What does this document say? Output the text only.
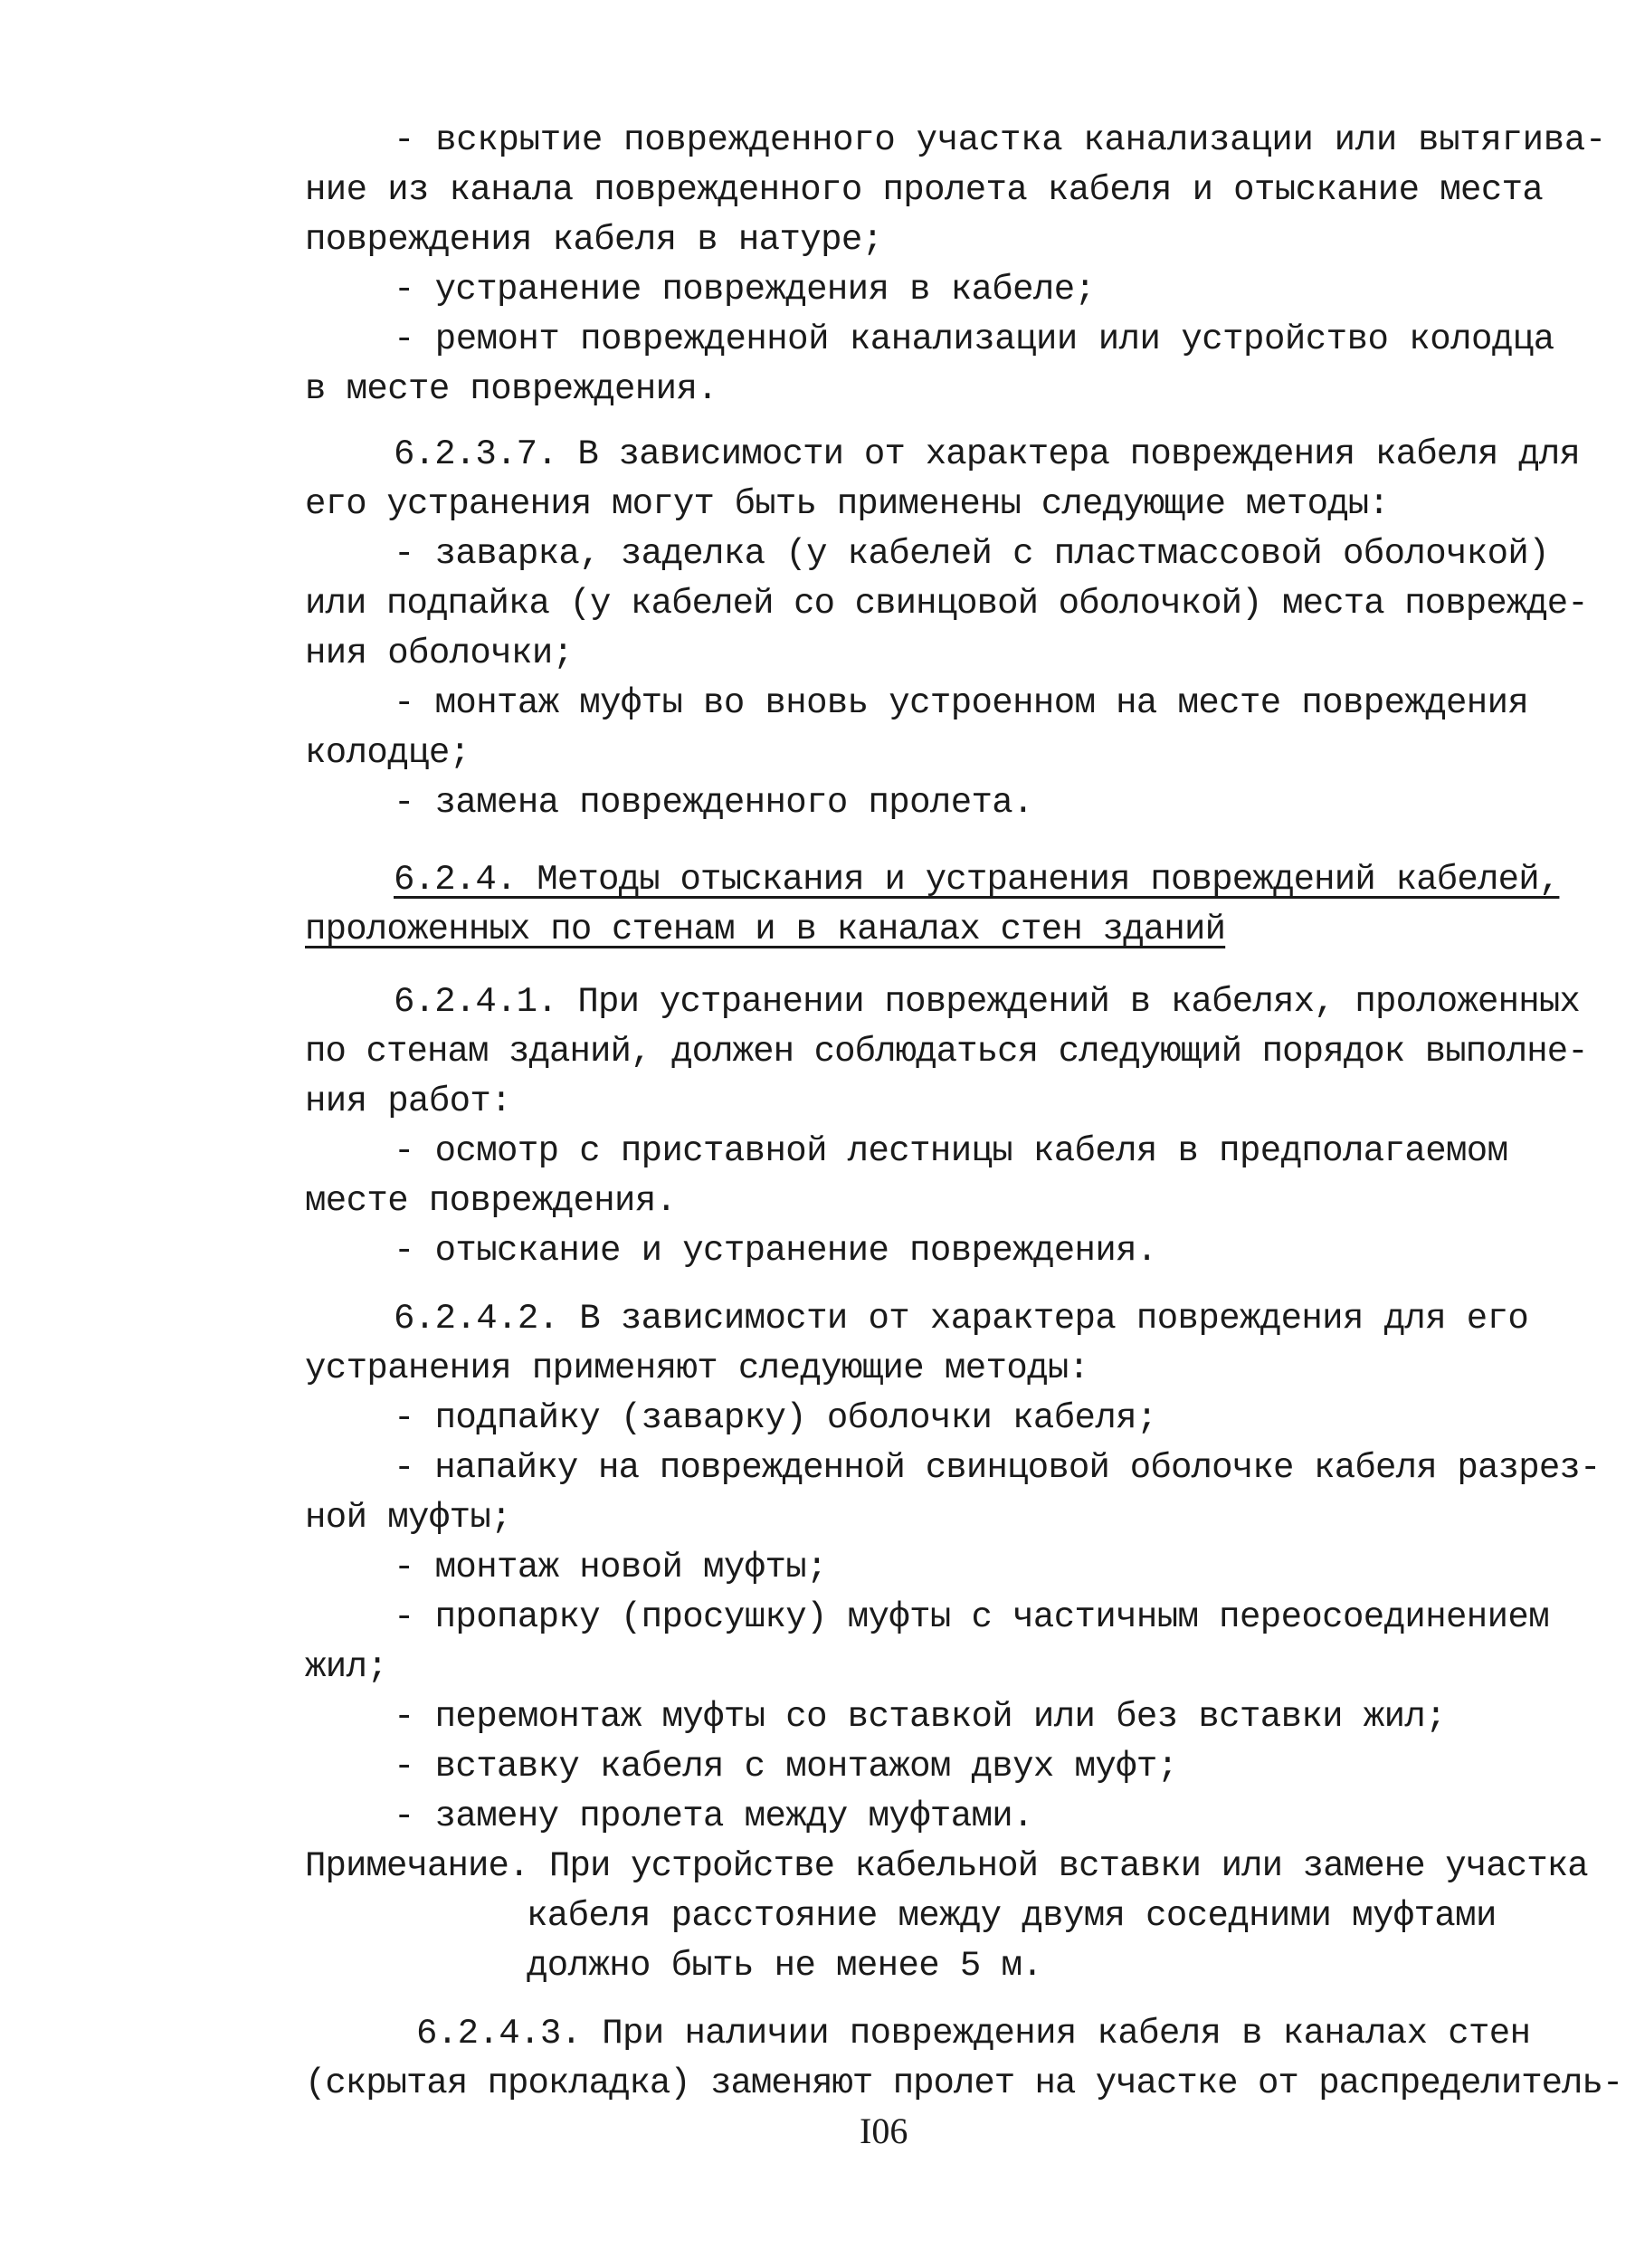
- вскрытие поврежденного участка канализации или вытягива-
ние из канала поврежденного пролета кабеля и отыскание места
повреждения кабеля в натуре;
- устранение повреждения в кабеле;
- ремонт поврежденной канализации или устройство колодца
в месте повреждения.
6.2.3.7. В зависимости от характера повреждения кабеля для
его устранения могут быть применены следующие методы:
- заварка, заделка (у кабелей с пластмассовой оболочкой)
или подпайка (у кабелей со свинцовой оболочкой) места поврежде-
ния оболочки;
- монтаж муфты во вновь устроенном на месте повреждения
колодце;
- замена поврежденного пролета.
6.2.4. Методы отыскания и устранения повреждений кабелей,
проложенных по стенам и в каналах стен зданий
6.2.4.1. При устранении повреждений в кабелях, проложенных
по стенам зданий, должен соблюдаться следующий порядок выполне-
ния работ:
- осмотр с приставной лестницы кабеля в предполагаемом
месте повреждения.
- отыскание и устранение повреждения.
6.2.4.2. В зависимости от характера повреждения для его
устранения применяют следующие методы:
- подпайку (заварку) оболочки кабеля;
- напайку на поврежденной свинцовой оболочке кабеля разрез-
ной муфты;
- монтаж новой муфты;
- пропарку (просушку) муфты с частичным переосоединением
жил;
- перемонтаж муфты со вставкой или без вставки жил;
- вставку кабеля с монтажом двух муфт;
- замену пролета между муфтами.
Примечание. При устройстве кабельной вставки или замене участка
кабеля расстояние между двумя соседними муфтами
должно быть не менее 5 м.
6.2.4.3. При наличии повреждения кабеля в каналах стен
(скрытая прокладка) заменяют пролет на участке от распределитель-
I06
